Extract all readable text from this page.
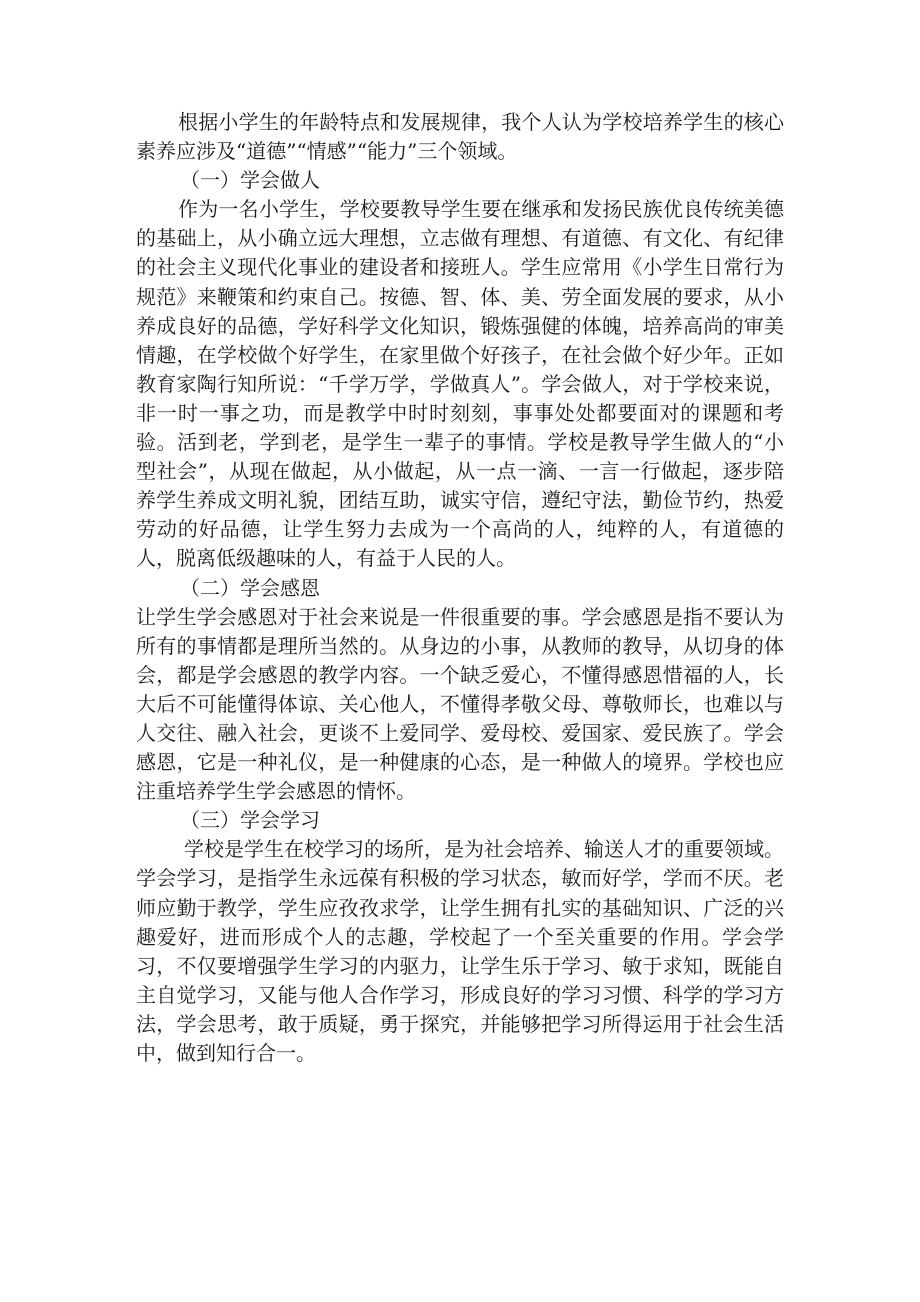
根据小学生的年龄特点和发展规律，我个人认为学校培养学生的核心素养应涉及“道德”“情感”“能力”三个领域。

（一）学会做人

作为一名小学生，学校要教导学生要在继承和发扬民族优良传统美德的基础上，从小确立远大理想，立志做有理想、有道德、有文化、有纪律的社会主义现代化事业的建设者和接班人。学生应常用《小学生日常行为规范》来鞭策和约束自己。按德、智、体、美、劳全面发展的要求，从小养成良好的品德，学好科学文化知识，锻炼强健的体魄，培养高尚的审美情趣，在学校做个好学生，在家里做个好孩子，在社会做个好少年。正如教育家陶行知所说：“千学万学，学做真人”。学会做人，对于学校来说，非一时一事之功，而是教学中时时刻刻，事事处处都要面对的课题和考验。活到老，学到老，是学生一辈子的事情。学校是教导学生做人的“小型社会”，从现在做起，从小做起，从一点一滴、一言一行做起，逐步陪养学生养成文明礼貌，团结互助，诚实守信，遵纪守法，勤俭节约，热爱劳动的好品德，让学生努力去成为一个高尚的人，纯粹的人，有道德的人，脱离低级趣味的人，有益于人民的人。

（二）学会感恩

让学生学会感恩对于社会来说是一件很重要的事。学会感恩是指不要认为所有的事情都是理所当然的。从身边的小事，从教师的教导，从切身的体会，都是学会感恩的教学内容。一个缺乏爱心，不懂得感恩惜福的人，长大后不可能懂得体谅、关心他人，不懂得孝敬父母、尊敬师长，也难以与人交往、融入社会，更谈不上爱同学、爱母校、爱国家、爱民族了。学会感恩，它是一种礼仪，是一种健康的心态，是一种做人的境界。学校也应注重培养学生学会感恩的情怀。

（三）学会学习

学校是学生在校学习的场所，是为社会培养、输送人才的重要领域。学会学习，是指学生永远葆有积极的学习状态，敏而好学，学而不厌。老师应勤于教学，学生应孜孜求学，让学生拥有扎实的基础知识、广泛的兴趣爱好，进而形成个人的志趣，学校起了一个至关重要的作用。学会学习，不仅要增强学生学习的内驱力，让学生乐于学习、敏于求知，既能自主自觉学习，又能与他人合作学习，形成良好的学习习惯、科学的学习方法，学会思考，敢于质疑，勇于探究，并能够把学习所得运用于社会生活中，做到知行合一。
